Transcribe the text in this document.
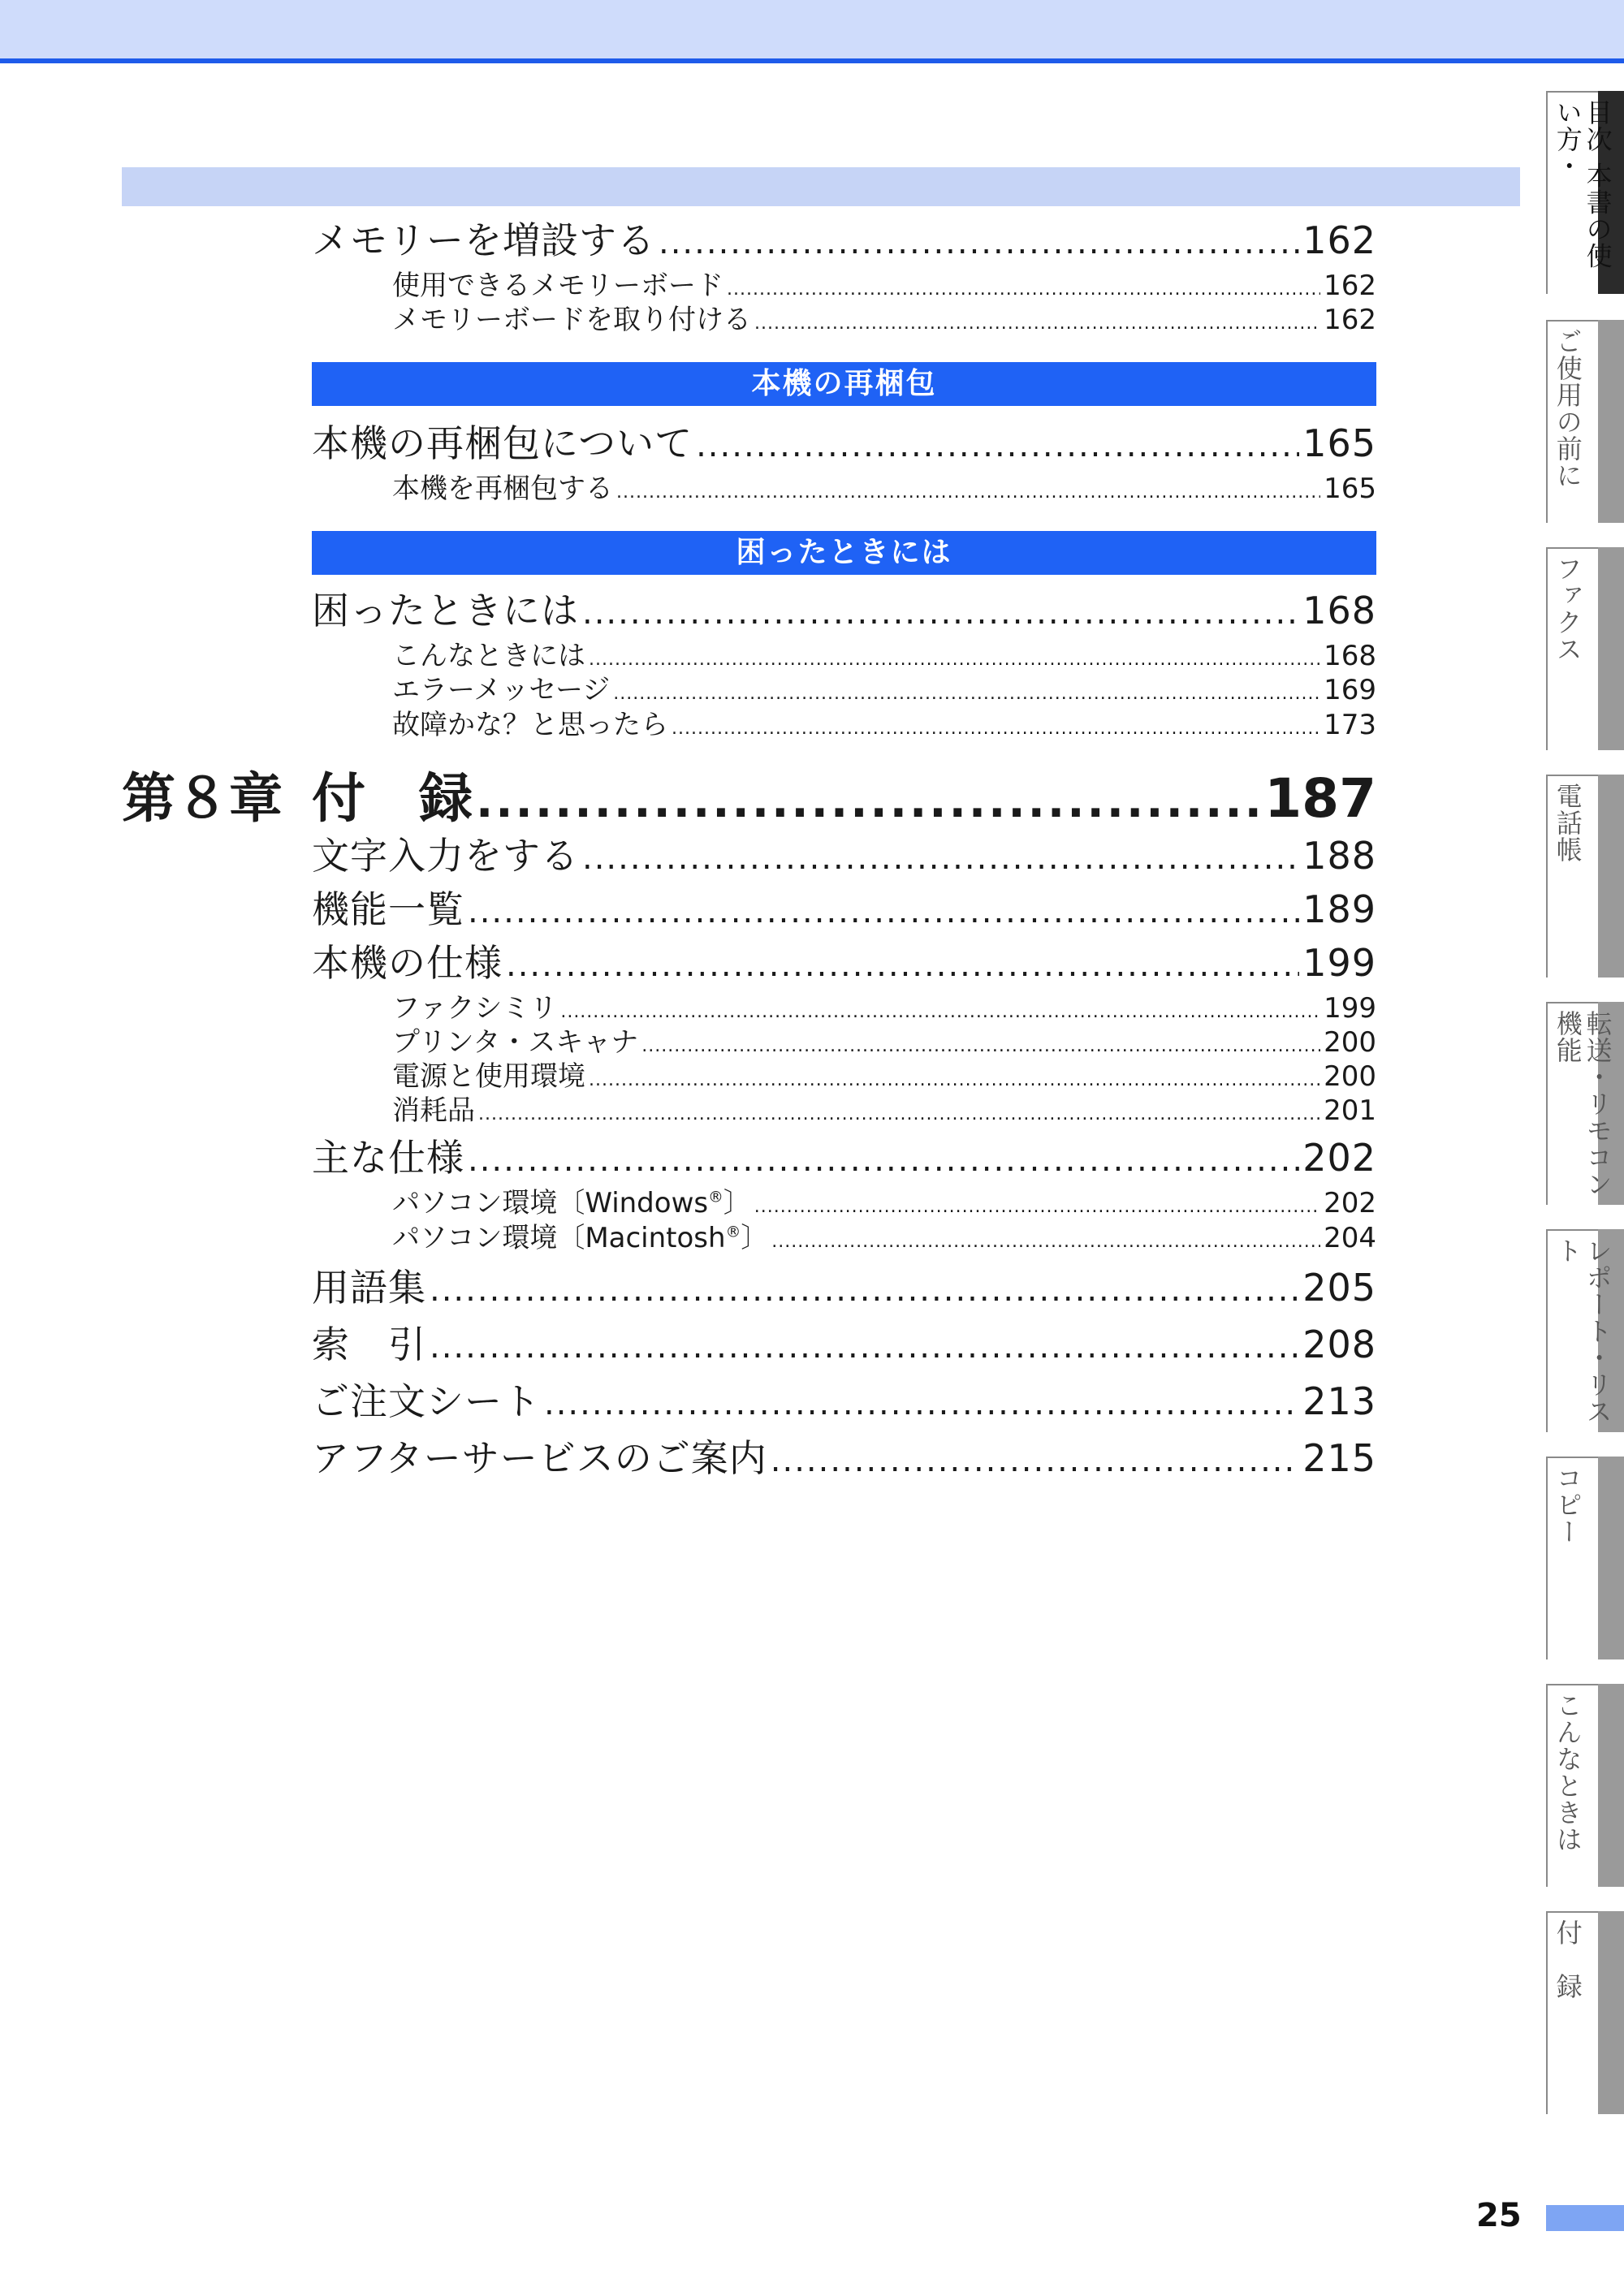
メモリーを増設する .....	162
使用できるメモリーボード .....	162
メモリーボードを取り付ける .....	162
本機の再梱包
本機の再梱包について .....	165
本機を再梱包する .....	165
困ったときには
困ったときには .....	168
こんなときには .....	168
エラーメッセージ .....	169
故障かな？と思ったら .....	173
第８章 付　録 .....	187
文字入力をする .....	188
機能一覧 .....	189
本機の仕様 .....	199
ファクシミリ .....	199
プリンタ・スキャナ .....	200
電源と使用環境 .....	200
消耗品 .....	201
主な仕様 .....	202
パソコン環境〔Windows®〕 .....	202
パソコン環境〔Macintosh®〕 .....	204
用語集 .....	205
索　引 .....	208
ご注文シート .....	213
アフターサービスのご案内 .....	215
目次 本書の使い方・
ご使用の前に
ファクス
電話帳
転送・リモコン機能
レポート・リスト
コピー
こんなときは
付　録
25
